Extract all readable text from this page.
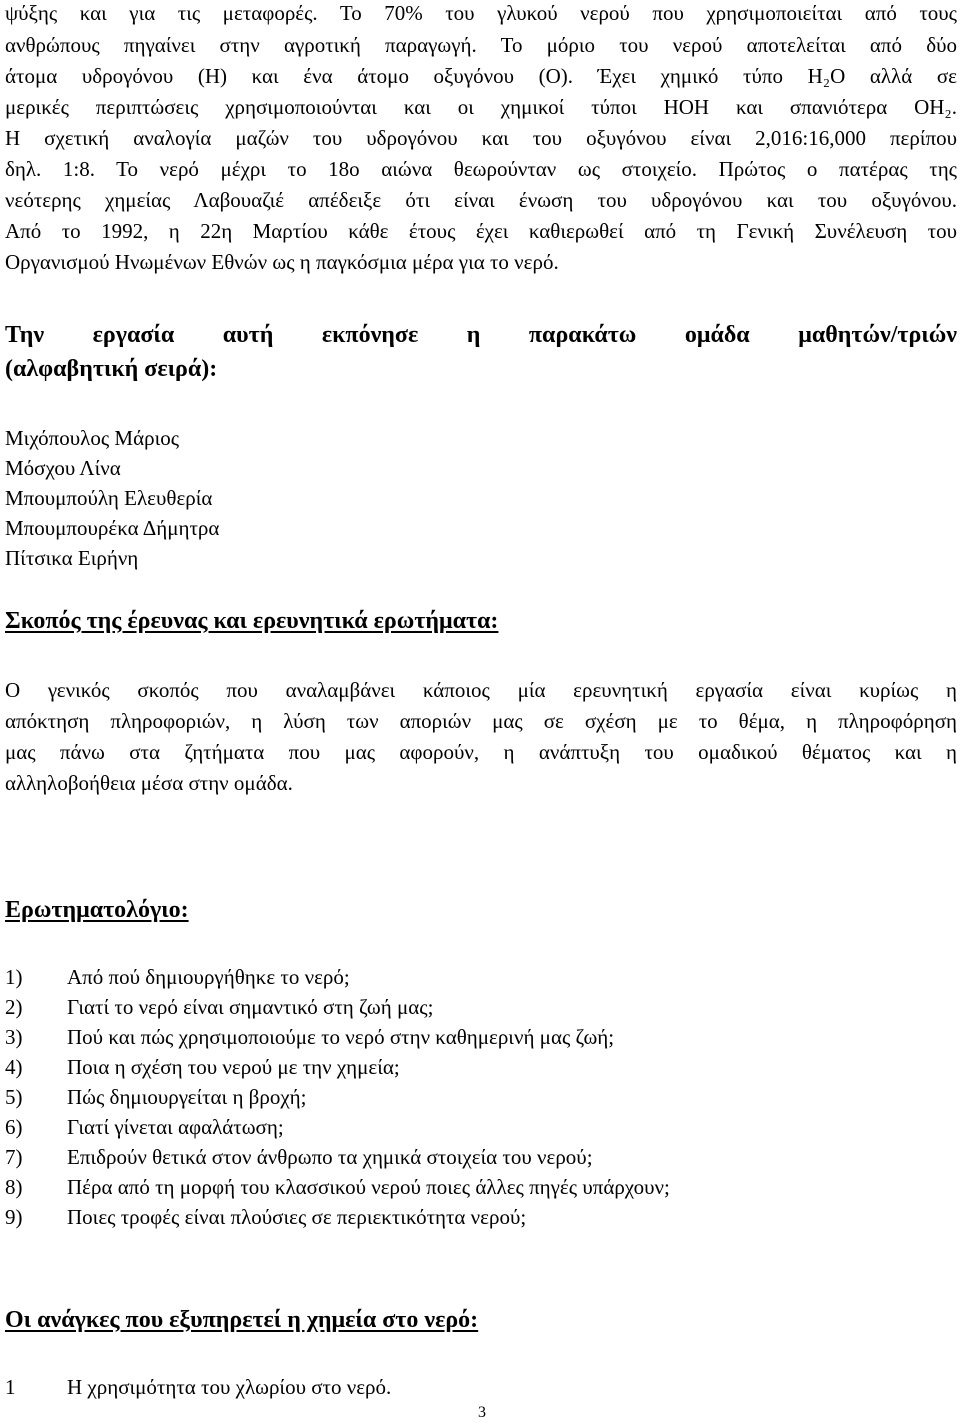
ψύξης και για τις μεταφορές. Το 70% του γλυκού νερού που χρησιμοποιείται από τους
ανθρώπους πηγαίνει στην αγροτική παραγωγή. Το μόριο του νερού αποτελείται από δύο
άτομα υδρογόνου (Η) και ένα άτομο οξυγόνου (Ο). Έχει χημικό τύπο H₂O αλλά σε
μερικές περιπτώσεις χρησιμοποιούνται και οι χημικοί τύποι HOH και σπανιότερα OH₂.
Η σχετική αναλογία μαζών του υδρογόνου και του οξυγόνου είναι 2,016:16,000 περίπου
δηλ. 1:8. Το νερό μέχρι το 18ο αιώνα θεωρούνταν ως στοιχείο. Πρώτος ο πατέρας της
νεότερης χημείας Λαβουαζιέ απέδειξε ότι είναι ένωση του υδρογόνου και του οξυγόνου.
Από το 1992, η 22η Μαρτίου κάθε έτους έχει καθιερωθεί από τη Γενική Συνέλευση του
Οργανισμού Ηνωμένων Εθνών ως η παγκόσμια μέρα για το νερό.
Την εργασία αυτή εκπόνησε η παρακάτω ομάδα μαθητών/τριών
(αλφαβητική σειρά):
Μιχόπουλος Μάριος
Μόσχου Λίνα
Μπουμπούλη Ελευθερία
Μπουμπουρέκα Δήμητρα
Πίτσικα Ειρήνη
Σκοπός της έρευνας και ερευνητικά ερωτήματα:
Ο γενικός σκοπός που αναλαμβάνει κάποιος μία ερευνητική εργασία είναι κυρίως η
απόκτηση πληροφοριών, η λύση των αποριών μας σε σχέση με το θέμα, η πληροφόρηση
μας πάνω στα ζητήματα που μας αφορούν, η ανάπτυξη του ομαδικού θέματος και η
αλληλοβοήθεια μέσα στην ομάδα.
Ερωτηματολόγιο:
1) Από πού δημιουργήθηκε το νερό;
2) Γιατί το νερό είναι σημαντικό στη ζωή μας;
3) Πού και πώς χρησιμοποιούμε το νερό στην καθημερινή μας ζωή;
4) Ποια η σχέση του νερού με την χημεία;
5) Πώς δημιουργείται η βροχή;
6) Γιατί γίνεται αφαλάτωση;
7) Επιδρούν θετικά στον άνθρωπο τα χημικά στοιχεία του νερού;
8) Πέρα από τη μορφή του κλασσικού νερού ποιες άλλες πηγές υπάρχουν;
9) Ποιες τροφές είναι πλούσιες σε περιεκτικότητα νερού;
Οι ανάγκες που εξυπηρετεί η χημεία στο νερό:
1 Η χρησιμότητα του χλωρίου στο νερό.
3
